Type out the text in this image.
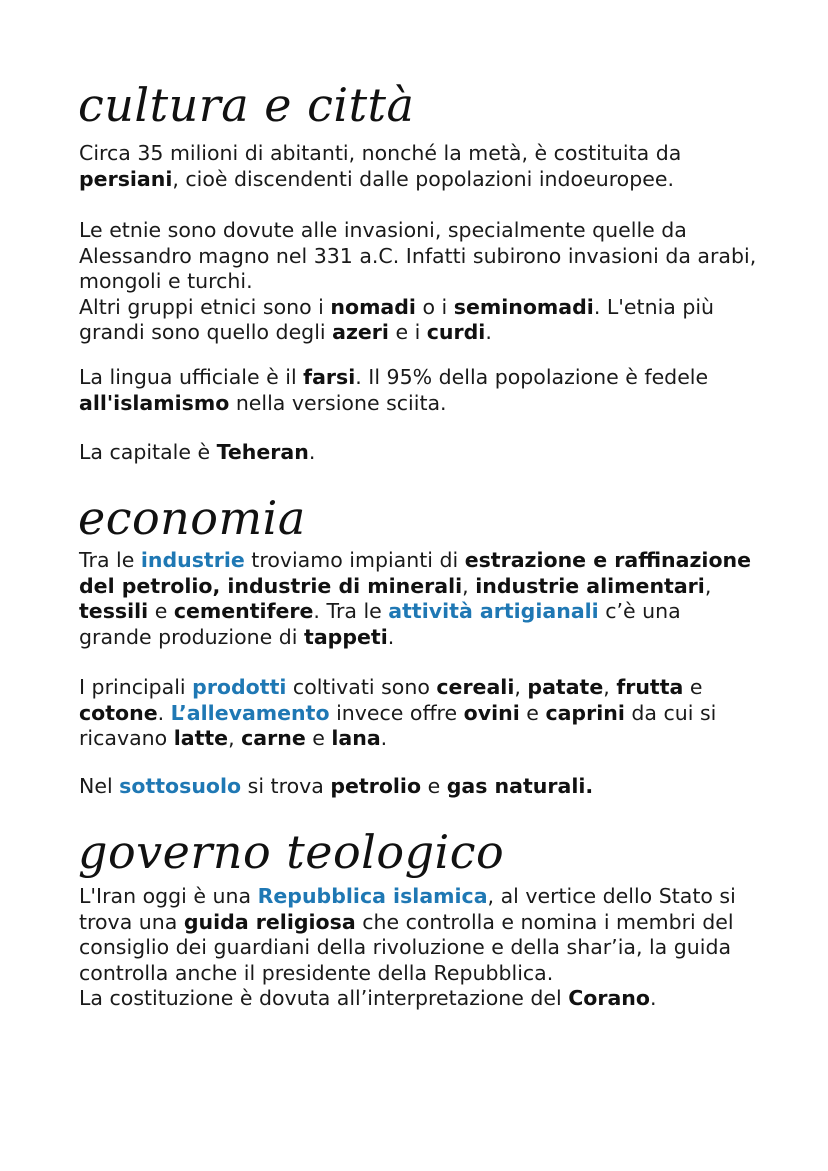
cultura e città

Circa 35 milioni di abitanti, nonché la metà, è costituita da persiani, cioè discendenti dalle popolazioni indoeuropee.

Le etnie sono dovute alle invasioni, specialmente quelle da Alessandro magno nel 331 a.C. Infatti subirono invasioni da arabi, mongoli e turchi.
Altri gruppi etnici sono i nomadi o i seminomadi. L'etnia più grandi sono quello degli azeri e i curdi.

La lingua ufficiale è il farsi. Il 95% della popolazione è fedele all'islamismo nella versione sciita.

La capitale è Teheran.

economia

Tra le industrie troviamo impianti di estrazione e raffinazione del petrolio, industrie di minerali, industrie alimentari, tessili e cementifere. Tra le attività artigianali c’è una grande produzione di tappeti.

I principali prodotti coltivati sono cereali, patate, frutta e cotone. L’allevamento invece offre ovini e caprini da cui si ricavano latte, carne e lana.

Nel sottosuolo si trova petrolio e gas naturali.

governo teologico

L'Iran oggi è una Repubblica islamica, al vertice dello Stato si trova una guida religiosa che controlla e nomina i membri del consiglio dei guardiani della rivoluzione e della shar’ia, la guida controlla anche il presidente della Repubblica.
La costituzione è dovuta all’interpretazione del Corano.
